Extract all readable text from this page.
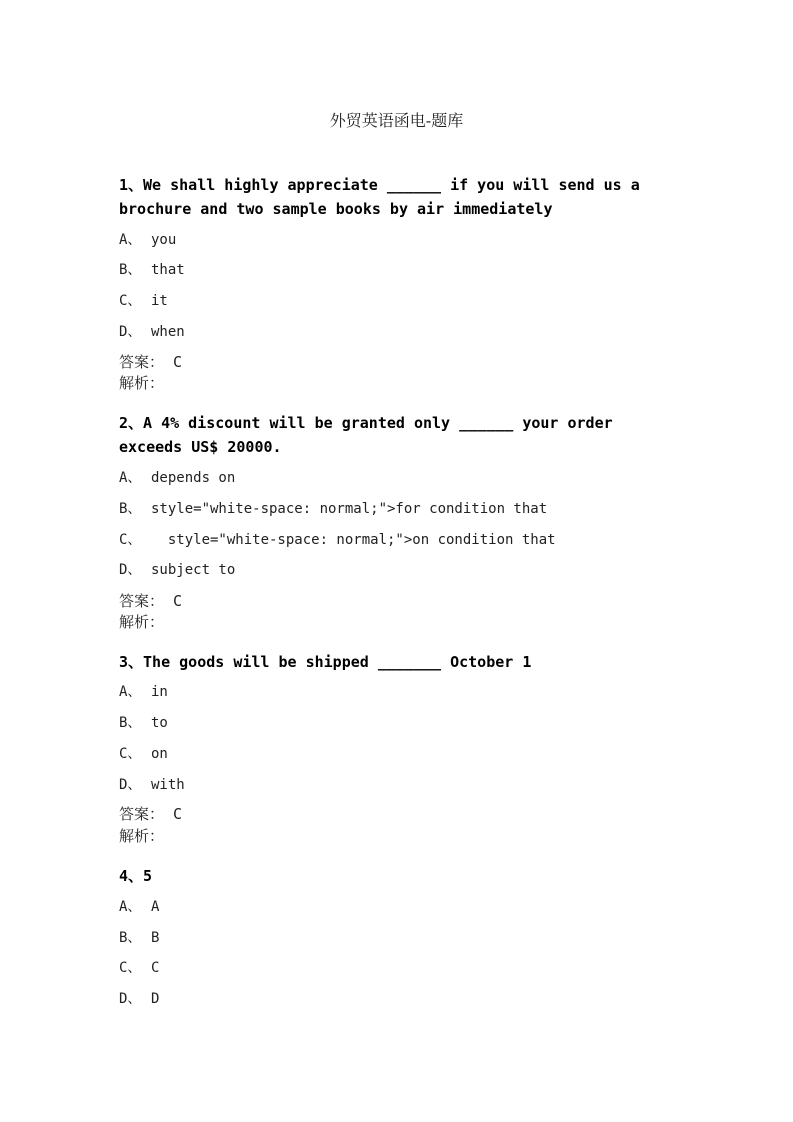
外贸英语函电-题库
1、We shall highly appreciate ______ if you will send us a brochure and two sample books by air immediately
A、 you
B、 that
C、 it
D、 when
答案： C
解析：
2、A 4% discount will be granted only ______ your order exceeds US$ 20000.
A、 depends on
B、 style="white-space: normal;">for condition that
C、  style="white-space: normal;">on condition that
D、 subject to
答案： C
解析：
3、The goods will be shipped _______ October 1
A、 in
B、 to
C、 on
D、 with
答案： C
解析：
4、5
A、 A
B、 B
C、 C
D、 D
